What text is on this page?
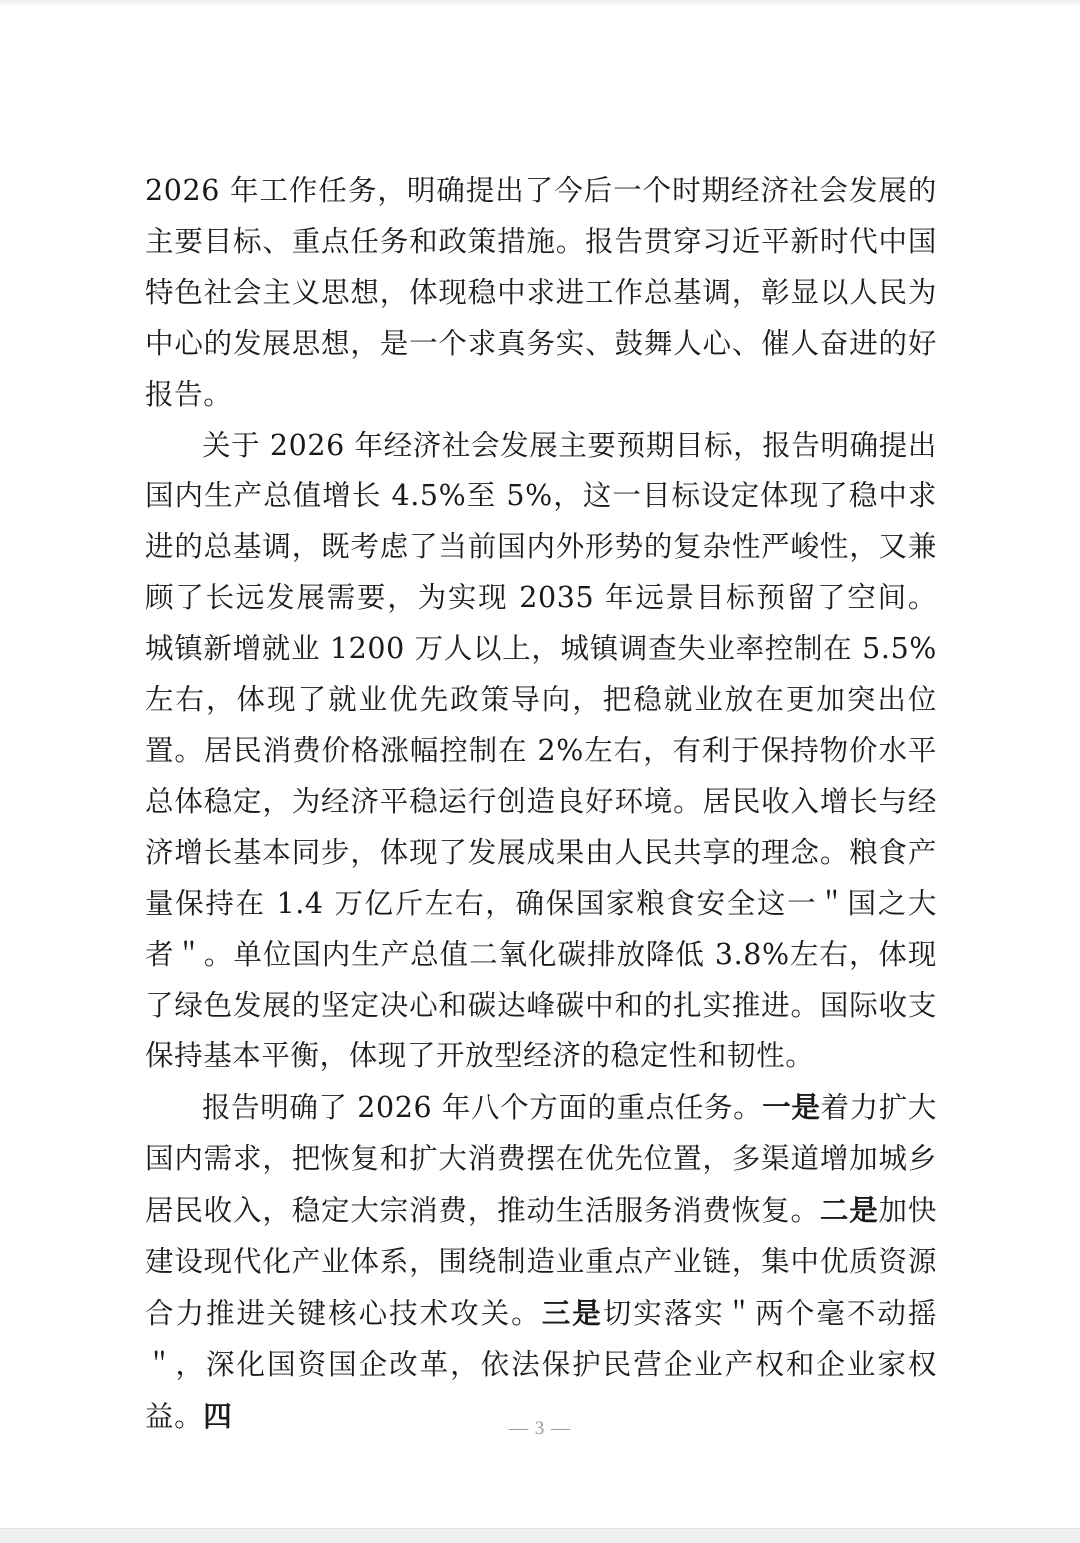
2026 年工作任务，明确提出了今后一个时期经济社会发展的主要目标、重点任务和政策措施。报告贯穿习近平新时代中国特色社会主义思想，体现稳中求进工作总基调，彰显以人民为中心的发展思想，是一个求真务实、鼓舞人心、催人奋进的好报告。

关于 2026 年经济社会发展主要预期目标，报告明确提出国内生产总值增长 4.5%至 5%，这一目标设定体现了稳中求进的总基调，既考虑了当前国内外形势的复杂性严峻性，又兼顾了长远发展需要，为实现 2035 年远景目标预留了空间。城镇新增就业 1200 万人以上，城镇调查失业率控制在 5.5%左右，体现了就业优先政策导向，把稳就业放在更加突出位置。居民消费价格涨幅控制在 2%左右，有利于保持物价水平总体稳定，为经济平稳运行创造良好环境。居民收入增长与经济增长基本同步，体现了发展成果由人民共享的理念。粮食产量保持在 1.4 万亿斤左右，确保国家粮食安全这一＂国之大者＂。单位国内生产总值二氧化碳排放降低 3.8%左右，体现了绿色发展的坚定决心和碳达峰碳中和的扎实推进。国际收支保持基本平衡，体现了开放型经济的稳定性和韧性。

报告明确了 2026 年八个方面的重点任务。一是着力扩大国内需求，把恢复和扩大消费摆在优先位置，多渠道增加城乡居民收入，稳定大宗消费，推动生活服务消费恢复。二是加快建设现代化产业体系，围绕制造业重点产业链，集中优质资源合力推进关键核心技术攻关。三是切实落实＂两个毫不动摇＂，深化国资国企改革，依法保护民营企业产权和企业家权益。四	— 3 —
